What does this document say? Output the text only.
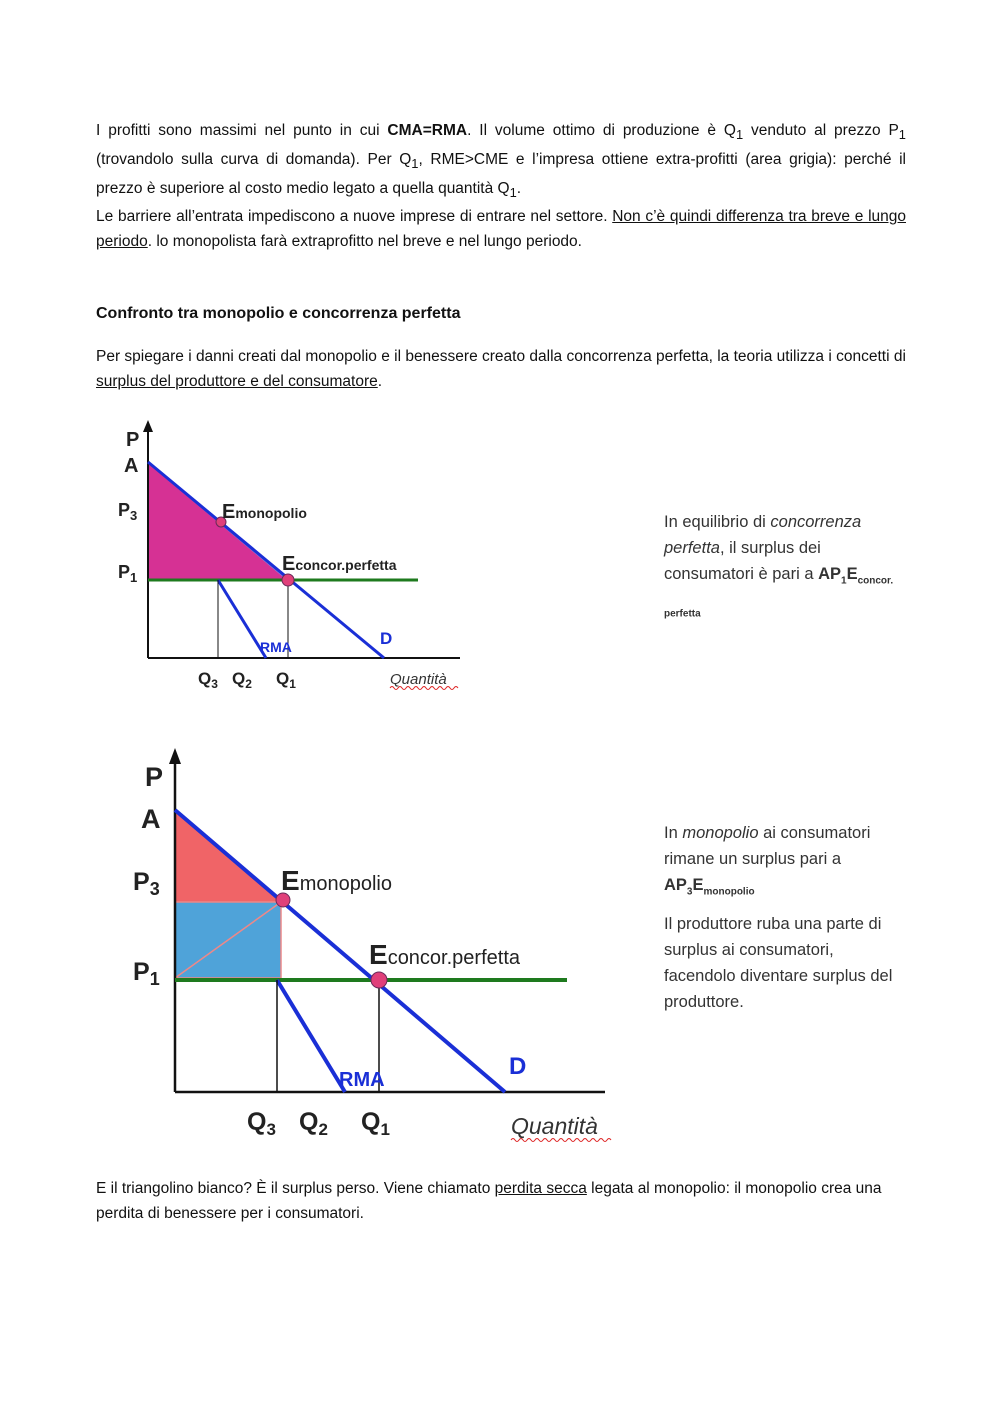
I profitti sono massimi nel punto in cui CMA=RMA. Il volume ottimo di produzione è $Q_1$ venduto al prezzo $P_1$ (trovandolo sulla curva di domanda). Per $Q_1$, RME>CME e l’impresa ottiene extra-profitti (area grigia): perché il prezzo è superiore al costo medio legato a quella quantità $Q_1$.

Le barriere all’entrata impediscono a nuove imprese di entrare nel settore. Non c’è quindi differenza tra breve e lungo periodo. lo monopolista farà extraprofitto nel breve e nel lungo periodo.

Confronto tra monopolio e concorrenza perfetta

Per spiegare i danni creati dal monopolio e il benessere creato dalla concorrenza perfetta, la teoria utilizza i concetti di surplus del produttore e del consumatore.

P
A
$P_3$
$P_1$
Emonopolio
Econcor.perfetta
RMA	D
$Q_3$ $Q_2$ $Q_1$	Quantità

In equilibrio di concorrenza perfetta, il surplus dei consumatori è pari a $AP_1E_{concor. perfetta}$

P
A
$P_3$
$P_1$
Emonopolio
Econcor.perfetta
RMA	D
$Q_3$ $Q_2$ $Q_1$	Quantità

In monopolio ai consumatori rimane un surplus pari a $AP_3E_{monopolio}$

Il produttore ruba una parte di surplus ai consumatori, facendolo diventare surplus del produttore.

E il triangolino bianco? È il surplus perso. Viene chiamato perdita secca legata al monopolio: il monopolio crea una perdita di benessere per i consumatori.
